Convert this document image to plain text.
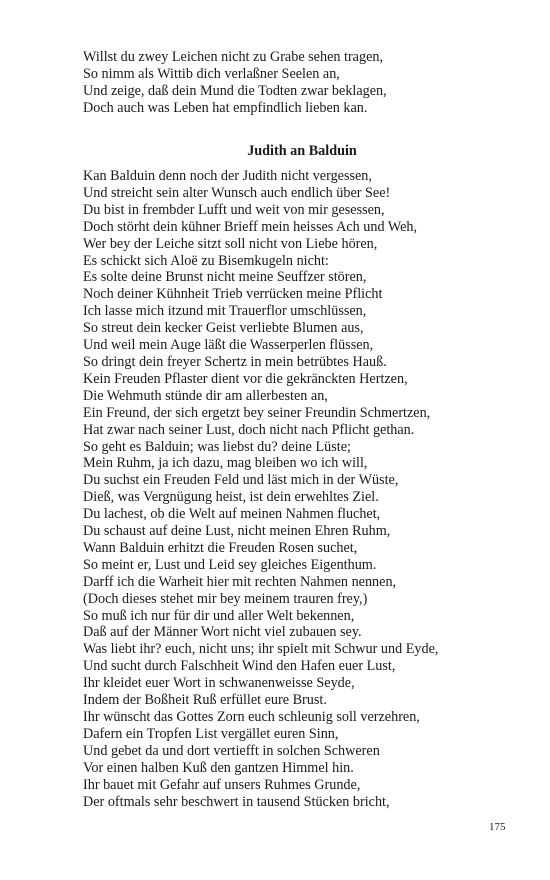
Willst du zwey Leichen nicht zu Grabe sehen tragen,
So nimm als Wittib dich verlaßner Seelen an,
Und zeige, daß dein Mund die Todten zwar beklagen,
Doch auch was Leben hat empfindlich lieben kan.
Judith an Balduin
Kan Balduin denn noch der Judith nicht vergessen,
Und streicht sein alter Wunsch auch endlich über See!
Du bist in frembder Lufft und weit von mir gesessen,
Doch störht dein kühner Brieff mein heisses Ach und Weh,
Wer bey der Leiche sitzt soll nicht von Liebe hören,
Es schickt sich Aloë zu Bisemkugeln nicht:
Es solte deine Brunst nicht meine Seuffzer stören,
Noch deiner Kühnheit Trieb verrücken meine Pflicht
Ich lasse mich itzund mit Trauerflor umschlüssen,
So streut dein kecker Geist verliebte Blumen aus,
Und weil mein Auge läßt die Wasserperlen flüssen,
So dringt dein freyer Schertz in mein betrübtes Hauß.
Kein Freuden Pflaster dient vor die gekränckten Hertzen,
Die Wehmuth stünde dir am allerbesten an,
Ein Freund, der sich ergetzt bey seiner Freundin Schmertzen,
Hat zwar nach seiner Lust, doch nicht nach Pflicht gethan.
So geht es Balduin; was liebst du? deine Lüste;
Mein Ruhm, ja ich dazu, mag bleiben wo ich will,
Du suchst ein Freuden Feld und läst mich in der Wüste,
Dieß, was Vergnügung heist, ist dein erwehltes Ziel.
Du lachest, ob die Welt auf meinen Nahmen fluchet,
Du schaust auf deine Lust, nicht meinen Ehren Ruhm,
Wann Balduin erhitzt die Freuden Rosen suchet,
So meint er, Lust und Leid sey gleiches Eigenthum.
Darff ich die Warheit hier mit rechten Nahmen nennen,
(Doch dieses stehet mir bey meinem trauren frey,)
So muß ich nur für dir und aller Welt bekennen,
Daß auf der Männer Wort nicht viel zubauen sey.
Was liebt ihr? euch, nicht uns; ihr spielt mit Schwur und Eyde,
Und sucht durch Falschheit Wind den Hafen euer Lust,
Ihr kleidet euer Wort in schwanenweisse Seyde,
Indem der Boßheit Ruß erfüllet eure Brust.
Ihr wünscht das Gottes Zorn euch schleunig soll verzehren,
Dafern ein Tropfen List vergället euren Sinn,
Und gebet da und dort vertiefft in solchen Schweren
Vor einen halben Kuß den gantzen Himmel hin.
Ihr bauet mit Gefahr auf unsers Ruhmes Grunde,
Der oftmals sehr beschwert in tausend Stücken bricht,
175
